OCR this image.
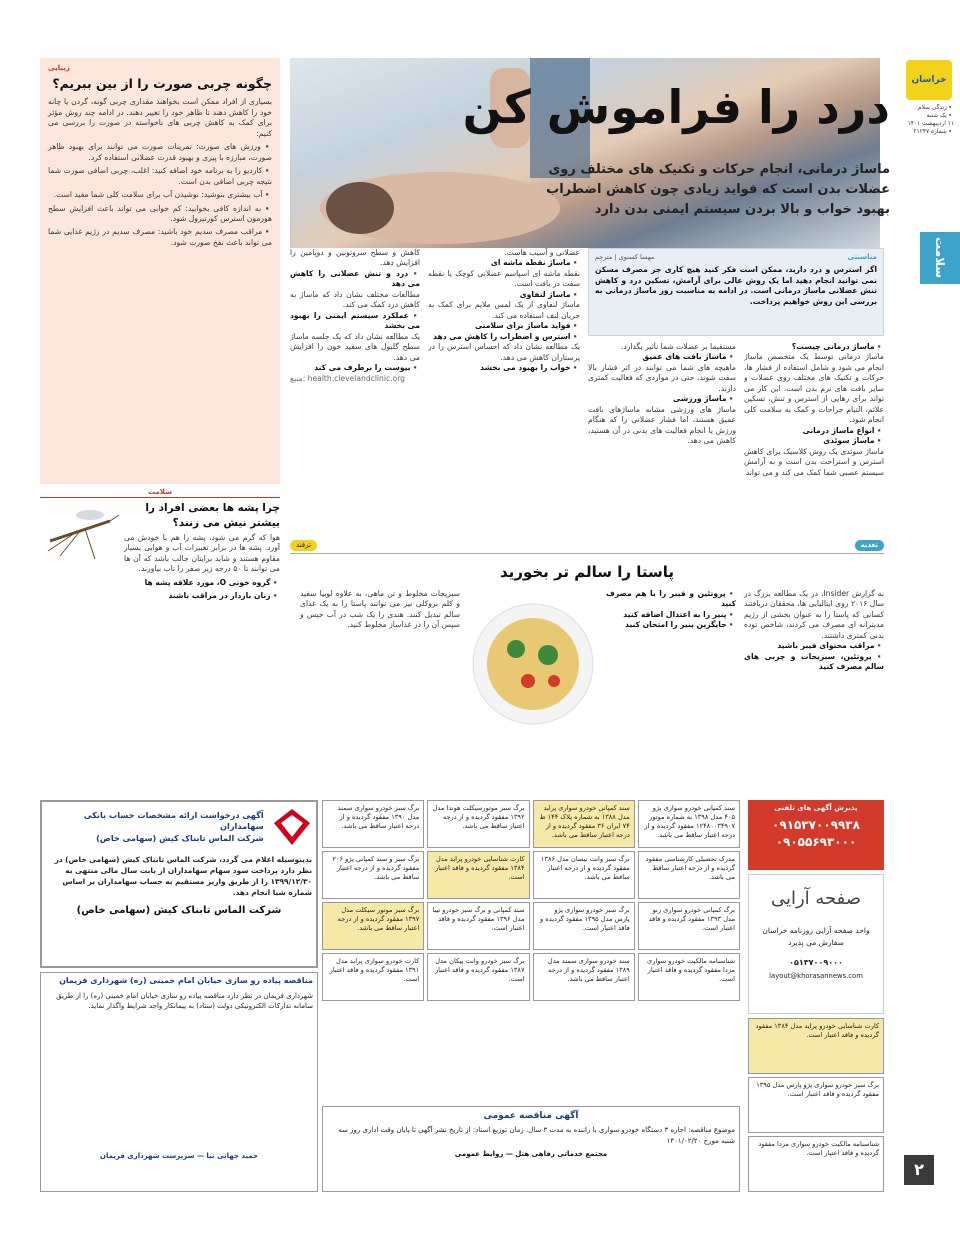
خراسان
▪️زندگی سلام
▪️یک شنبه
۱۱ اردیبهشت ۱۴۰۱
▪️شماره ۲۱۲۴۷
سلامت
۲
درد را فراموش کن
ماساژ درمانی، انجام حرکات و تکنیک های مختلف روی
عضلات بدن است که فواید زیادی چون کاهش اضطراب
بهبود خواب و بالا بردن سیستم ایمنی بدن دارد
مناسبتی
مهسا کسنوی | مترجم
اگر استرس و درد دارید، ممکن است فکر کنید هیچ کاری جز مصرف مسکن نمی توانید انجام دهید اما یک روش عالی برای آرامش، تسکین درد و کاهش تنش عضلانی ماساژ درمانی است. در ادامه به مناسبت روز ماساژ درمانی به بررسی این روش خواهیم پرداخت.
▪️ماساژ درمانی چیست؟
ماساژ درمانی توسط یک متخصص ماساژ انجام می شود و شامل استفاده از فشار ها، حرکات و تکنیک های مختلف روی عضلات و سایر بافت های نرم بدن است. این کار می تواند برای رهایی از استرس و تنش، تسکین علائم، التیام جراحات و کمک به سلامت کلی انجام شود.
▪️انواع ماساژ درمانی
▪️ماساژ سوئدی
ماساژ سوئدی یک روش کلاسیک برای کاهش استرس و استراحت بدن است و به آرامش سیستم عصبی شما کمک می کند و می تواند
مستقیما بر عضلات شما تأثیر بگذارد.
▪️ماساژ بافت های عمیق
ماهیچه های شما می توانند در اثر فشار بالا سفت شوند، حتی در مواردی که فعالیت کمتری دارند.
▪️ماساژ ورزشی
ماساژ های ورزشی مشابه ماساژهای بافت عمیق هستند، اما فشار عضلانی را که هنگام ورزش یا انجام فعالیت های بدنی در آن هستید، کاهش می دهد.
عضلانی و آسیب هاست.
▪️ماساژ نقطه ماشه ای
نقطه ماشه ای اسپاسم عضلانی کوچک یا نقطه سفت در بافت است.
▪️ماساژ لنفاوی
ماساژ لنفاوی از یک لمس ملایم برای کمک به جریان لنف استفاده می کند.
▪️فواید ماساژ برای سلامتی
▪️استرس و اضطراب را کاهش می دهد
یک مطالعه نشان داد که احساس استرس را در پرستاران کاهش می دهد.
▪️خواب را بهبود می بخشد
کاهش و سطح سروتونین و دوپامین را افزایش دهد.
▪️درد و تنش عضلانی را کاهش می دهد
مطالعات مختلف نشان داد که ماساژ به کاهش درد کمک می کند.
▪️عملکرد سیستم ایمنی را بهبود می بخشد
یک مطالعه نشان داد که یک جلسه ماساژ سطح گلبول های سفید خون را افزایش می دهد.
▪️بیوست را برطرف می کند
منبع: health.clevelandclinic.org
زیبایی
چگونه چربی صورت را از بین ببریم؟
بسیاری از افراد ممکن است بخواهند مقداری چربی گونه، گردن یا چانه خود را کاهش دهند تا ظاهر خود را تغییر دهند. در ادامه چند روش مؤثر برای کمک به کاهش چربی های ناخواسته در صورت را بررسی می کنیم:
▪️ورزش های صورت: تمرینات صورت می توانند برای بهبود ظاهر صورت، مبارزه با پیری و بهبود قدرت عضلانی استفاده کرد.
▪️کاردیو را به برنامه خود اضافه کنید: اغلب، چربی اضافی صورت شما نتیجه چربی اضافی بدن است.
▪️آب بیشتری بنوشید: نوشیدن آب برای سلامت کلی شما مفید است.
▪️به اندازه کافی بخوابید: کم خوابی می تواند باعث افزایش سطح هورمون استرس کورتیزول شود.
▪️مراقب مصرف سدیم خود باشید: مصرف سدیم در رژیم غذایی شما می تواند باعث نفخ صورت شود.
سلامت
چرا پشه ها بعضی افراد را بیشتر نیش می زنند؟
هوا که گرم می شود، پشه را هم با خودش می آورد. پشه ها در برابر تغییرات آب و هوایی بسیار مقاوم هستند و شاید برایتان جالب باشد که آن ها می توانند تا ۵۰ درجه زیر صفر را تاب بیاورند.
▪️گروه خونی O، مورد علاقه پشه ها
▪️زنان باردار در مراقب باشند
تغذیه
ترفند
پاستا را سالم تر بخورید
به گزارش Insider، در یک مطالعه بزرگ در سال ۲۰۱۶ روی ایتالیایی ها، محققان دریافتند کسانی که پاستا را به عنوان بخشی از رژیم مدیترانه ای مصرف می کردند، شاخص توده بدنی کمتری داشتند.
▪️مراقب محتوای فیبر باشید
▪️پروتئین، سبزیجات و چربی های سالم مصرف کنید
▪️پروتئین و فیبر را با هم مصرف کنید
▪️پنیر را به اعتدال اضافه کنید
▪️جایگزین پنیر را امتحان کنید
سبزیجات مخلوط و تن ماهی، به علاوه لوبیا سفید و کلم بروکلی نیز می توانند پاستا را به یک غذای سالم تبدیل کنند. هندی را یک شب در آب خیس و سپس آن را در غذاساز مخلوط کنید.
آگهی درخواست ارائه مشخصات حساب بانکی سهامداران
شرکت الماس تابناک کیش (سهامی خاص)
بدینوسیله اعلام می گردد، شرکت الماس تابناک کیش (سهامی خاص) در نظر دارد پرداخت سود سهام سهامداران از بابت سال مالی منتهی به ۱۳۹۹/۱۲/۳۰ را از طریق واریز مستقیم به حساب سهامداران بر اساس شماره شبا انجام دهد.
شرکت الماس تابناک کیش (سهامی خاص)
مناقصه پیاده رو سازی خیابان امام خمینی (ره) شهرداری فریمان
شهرداری فریمان در نظر دارد مناقصه پیاده رو سازی خیابان امام خمینی (ره) را از طریق سامانه تدارکات الکترونیکی دولت (ستاد) به پیمانکار واجد شرایط واگذار نماید.
حمید جهانی نیا — سرپرست شهرداری فریمان
سند کمپانی خودرو سواری پژو ۴۰۵ مدل ۱۳۹۸ به شماره موتور ۱۲۴۸۰۰۳۴۹۰۷ مفقود گردیده و از درجه اعتبار ساقط می باشد.
سند کمپانی خودرو سواری پراید مدل ۱۳۸۸ به شماره پلاک ۱۴۴ ط ۷۴ ایران ۳۶ مفقود گردیده و از درجه اعتبار ساقط می باشد.
برگ سبز موتورسیکلت هوندا مدل ۱۳۹۲ مفقود گردیده و از درجه اعتبار ساقط می باشد.
برگ سبز خودرو سواری سمند مدل ۱۳۹۰ مفقود گردیده و از درجه اعتبار ساقط می باشد.
مدرک تحصیلی کارشناسی مفقود گردیده و از درجه اعتبار ساقط می باشد.
برگ سبز وانت نیسان مدل ۱۳۸۶ مفقود گردیده و از درجه اعتبار ساقط می باشد.
کارت شناسایی خودرو پراید مدل ۱۳۸۴ مفقود گردیده و فاقد اعتبار است.
برگ سبز و سند کمپانی پژو ۲۰۶ مفقود گردیده و از درجه اعتبار ساقط می باشد.
برگ کمپانی خودرو سواری رنو مدل ۱۳۹۳ مفقود گردیده و فاقد اعتبار است.
برگ سبز خودرو سواری پژو پارس مدل ۱۳۹۵ مفقود گردیده و فاقد اعتبار است.
سند کمپانی و برگ سبز خودرو تیبا مدل ۱۳۹۶ مفقود گردیده و فاقد اعتبار است.
برگ سبز موتور سیکلت مدل ۱۳۹۷ مفقود گردیده و از درجه اعتبار ساقط می باشد.
شناسنامه مالکیت خودرو سواری مزدا مفقود گردیده و فاقد اعتبار است.
سند خودرو سواری سمند مدل ۱۳۸۹ مفقود گردیده و از درجه اعتبار ساقط می باشد.
برگ سبز خودرو وانت پیکان مدل ۱۳۸۷ مفقود گردیده و فاقد اعتبار است.
کارت خودرو سواری پراید مدل ۱۳۹۱ مفقود گردیده و فاقد اعتبار است.
آگهی مناقصه عمومی
موضوع مناقصه: اجاره ۳ دستگاه خودرو سواری با راننده به مدت ۳ سال. زمان توزیع اسناد: از تاریخ نشر آگهی تا پایان وقت اداری روز سه شنبه مورخ ۱۴۰۱/۰۲/۲۰
مجتمع خدماتی رفاهی هتل — روابط عمومی
پذیرش آگهی های تلفنی
۰۹۱۵۳۷۰۰۹۹۳۸
۰۹۰۵۵۶۹۳۰۰۰
صفحه آرایی
واحد صفحه آرایی روزنامه خراسان سفارش می پذیرد
۰۵۱۳۷۰۰۹۰۰۰
layout@khorasannews.com
کارت شناسایی خودرو پراید مدل ۱۳۸۴ مفقود گردیده و فاقد اعتبار است.
برگ سبز خودرو سواری پژو پارس مدل ۱۳۹۵ مفقود گردیده و فاقد اعتبار است.
شناسنامه مالکیت خودرو سواری مزدا مفقود گردیده و فاقد اعتبار است.
